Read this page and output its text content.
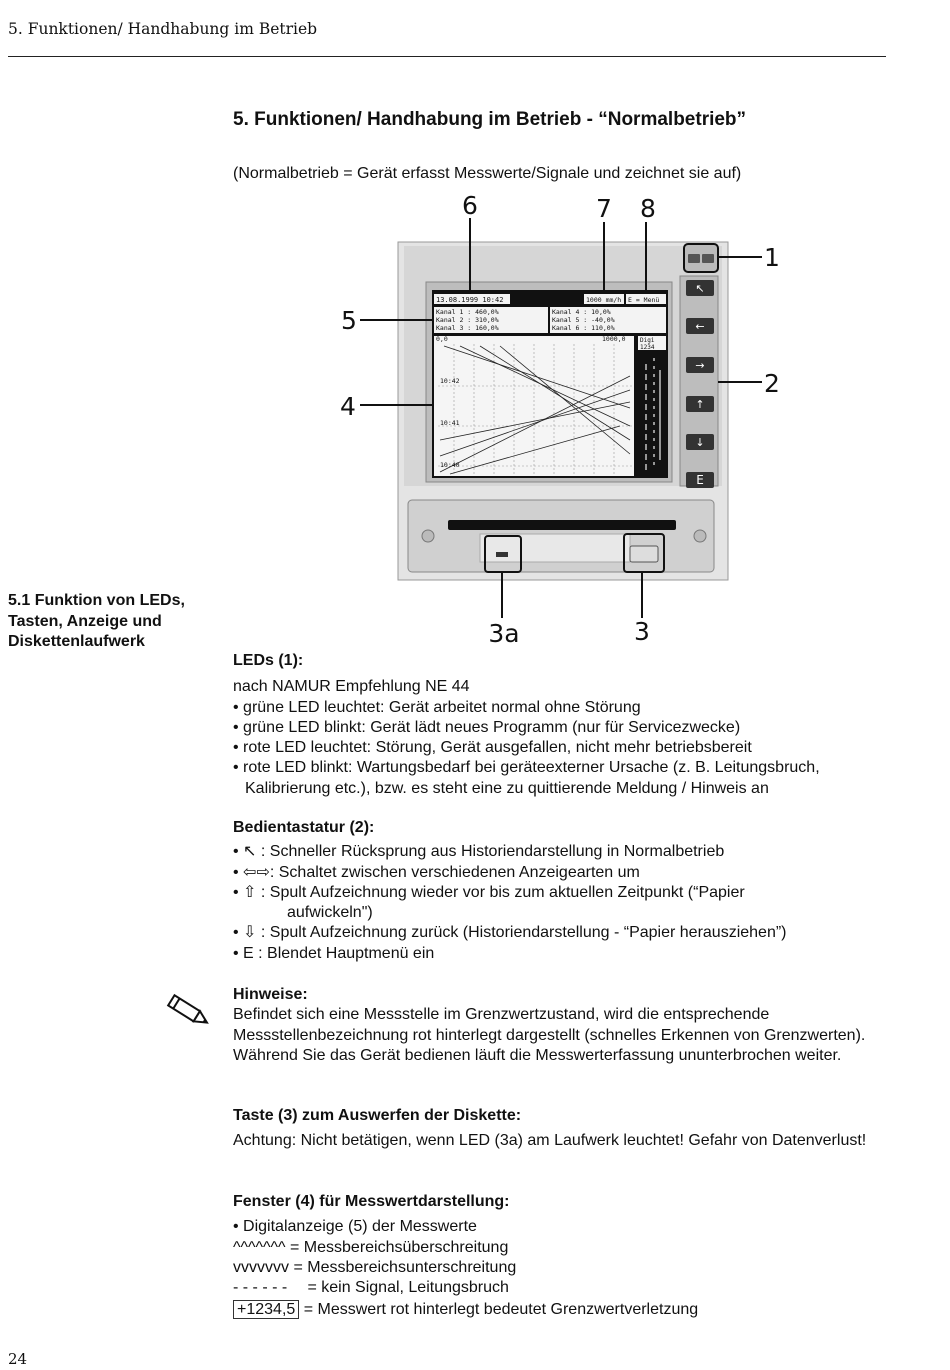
5. Funktionen/ Handhabung im Betrieb
5. Funktionen/ Handhabung im Betrieb - “Normalbetrieb”
(Normalbetrieb = Gerät erfasst Messwerte/Signale und zeichnet sie auf)
13.08.1999 10:42	1000 mm/h E = Menü
Kanal 1 : 460,0%
Kanal 2 : 310,0%
Kanal 3 : 160,0%
Kanal 4 : 10,0%
Kanal 5 : -40,0%
Kanal 6 : 110,0%
0,0	1000,0
10:42
10:41
10:40
Digi
1234
↖
←
→
↑
↓
E
6	7 8
1
5
2
4
3a	3
5.1 Funktion von LEDs, Tasten, Anzeige und Diskettenlaufwerk
LEDs (1):
nach NAMUR Empfehlung NE 44
• grüne LED leuchtet: Gerät arbeitet normal ohne Störung
• grüne LED blinkt: Gerät lädt neues Programm (nur für Servicezwecke)
• rote LED leuchtet: Störung, Gerät ausgefallen, nicht mehr betriebsbereit
• rote LED blinkt: Wartungsbedarf bei geräteexterner Ursache (z. B. Leitungsbruch, Kalibrierung etc.), bzw. es steht eine zu quittierende Meldung / Hinweis an
Bedientastatur (2):
• ↖ : Schneller Rücksprung aus Historiendarstellung in Normalbetrieb
• ⇦⇨: Schaltet zwischen verschiedenen Anzeigearten um
• ⇧ : Spult Aufzeichnung wieder vor bis zum aktuellen Zeitpunkt (“Papier
aufwickeln")
• ⇩ : Spult Aufzeichnung zurück (Historiendarstellung - “Papier herausziehen”)
• E : Blendet Hauptmenü ein
Hinweise:
Befindet sich eine Messstelle im Grenzwertzustand, wird die entsprechende Messstellenbezeichnung rot hinterlegt dargestellt (schnelles Erkennen von Grenzwerten).
Während Sie das Gerät bedienen läuft die Messwerterfassung ununterbrochen weiter.
Taste (3) zum Auswerfen der Diskette:
Achtung: Nicht betätigen, wenn LED (3a) am Laufwerk leuchtet! Gefahr von Datenverlust!
Fenster (4) für Messwertdarstellung:
• Digitalanzeige (5) der Messwerte
^^^^^^^ = Messbereichsüberschreitung
vvvvvvv = Messbereichsunterschreitung
- - - - - - = kein Signal, Leitungsbruch
+1234,5 = Messwert rot hinterlegt bedeutet Grenzwertverletzung
24
